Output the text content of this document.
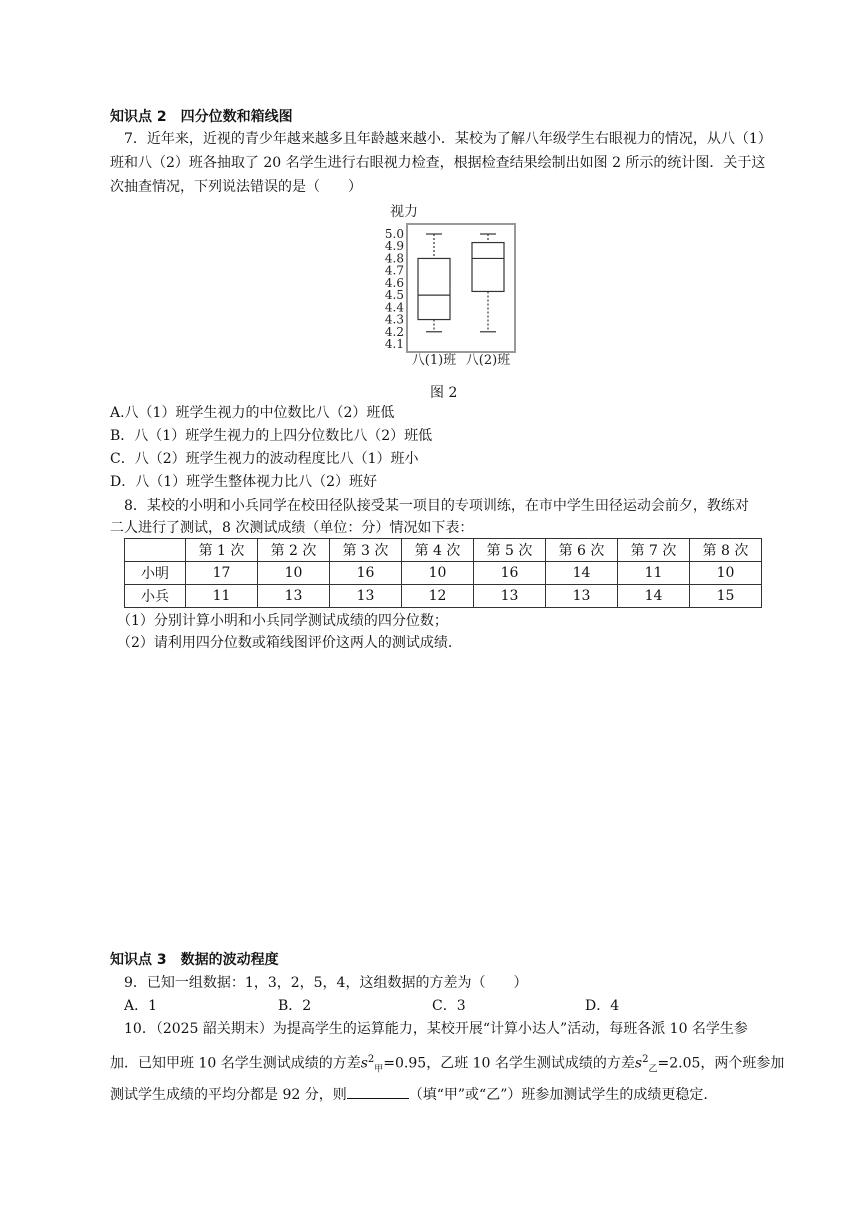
知识点 2　四分位数和箱线图
7．近年来，近视的青少年越来越多且年龄越来越小．某校为了解八年级学生右眼视力的情况，从八（1）
班和八（2）班各抽取了 20 名学生进行右眼视力检查，根据检查结果绘制出如图 2 所示的统计图．关于这
次抽查情况，下列说法错误的是（　　）
视力
5.0
4.9
4.8
4.7
4.6
4.5
4.4
4.3
4.2
4.1
八(1)班 八(2)班
图 2
A.八（1）班学生视力的中位数比八（2）班低
B．八（1）班学生视力的上四分位数比八（2）班低
C．八（2）班学生视力的波动程度比八（1）班小
D．八（1）班学生整体视力比八（2）班好
8．某校的小明和小兵同学在校田径队接受某一项目的专项训练，在市中学生田径运动会前夕，教练对
二人进行了测试，8 次测试成绩（单位：分）情况如下表：
	第 1 次	第 2 次	第 3 次	第 4 次	第 5 次	第 6 次	第 7 次	第 8 次
小明	17	10	16	10	16	14	11	10
小兵	11	13	13	12	13	13	14	15
（1）分别计算小明和小兵同学测试成绩的四分位数；
（2）请利用四分位数或箱线图评价这两人的测试成绩.
知识点 3　数据的波动程度
9．已知一组数据：1，3，2，5，4，这组数据的方差为（　　）
A．1	B．2	C．3	D．4
10．（2025 韶关期末）为提高学生的运算能力，某校开展“计算小达人”活动，每班各派 10 名学生参
加．已知甲班 10 名学生测试成绩的方差$s^2_甲=0.95$，乙班 10 名学生测试成绩的方差$s^2_乙=2.05$，两个班参加
测试学生成绩的平均分都是 92 分，则	（填“甲”或“乙”）班参加测试学生的成绩更稳定.
